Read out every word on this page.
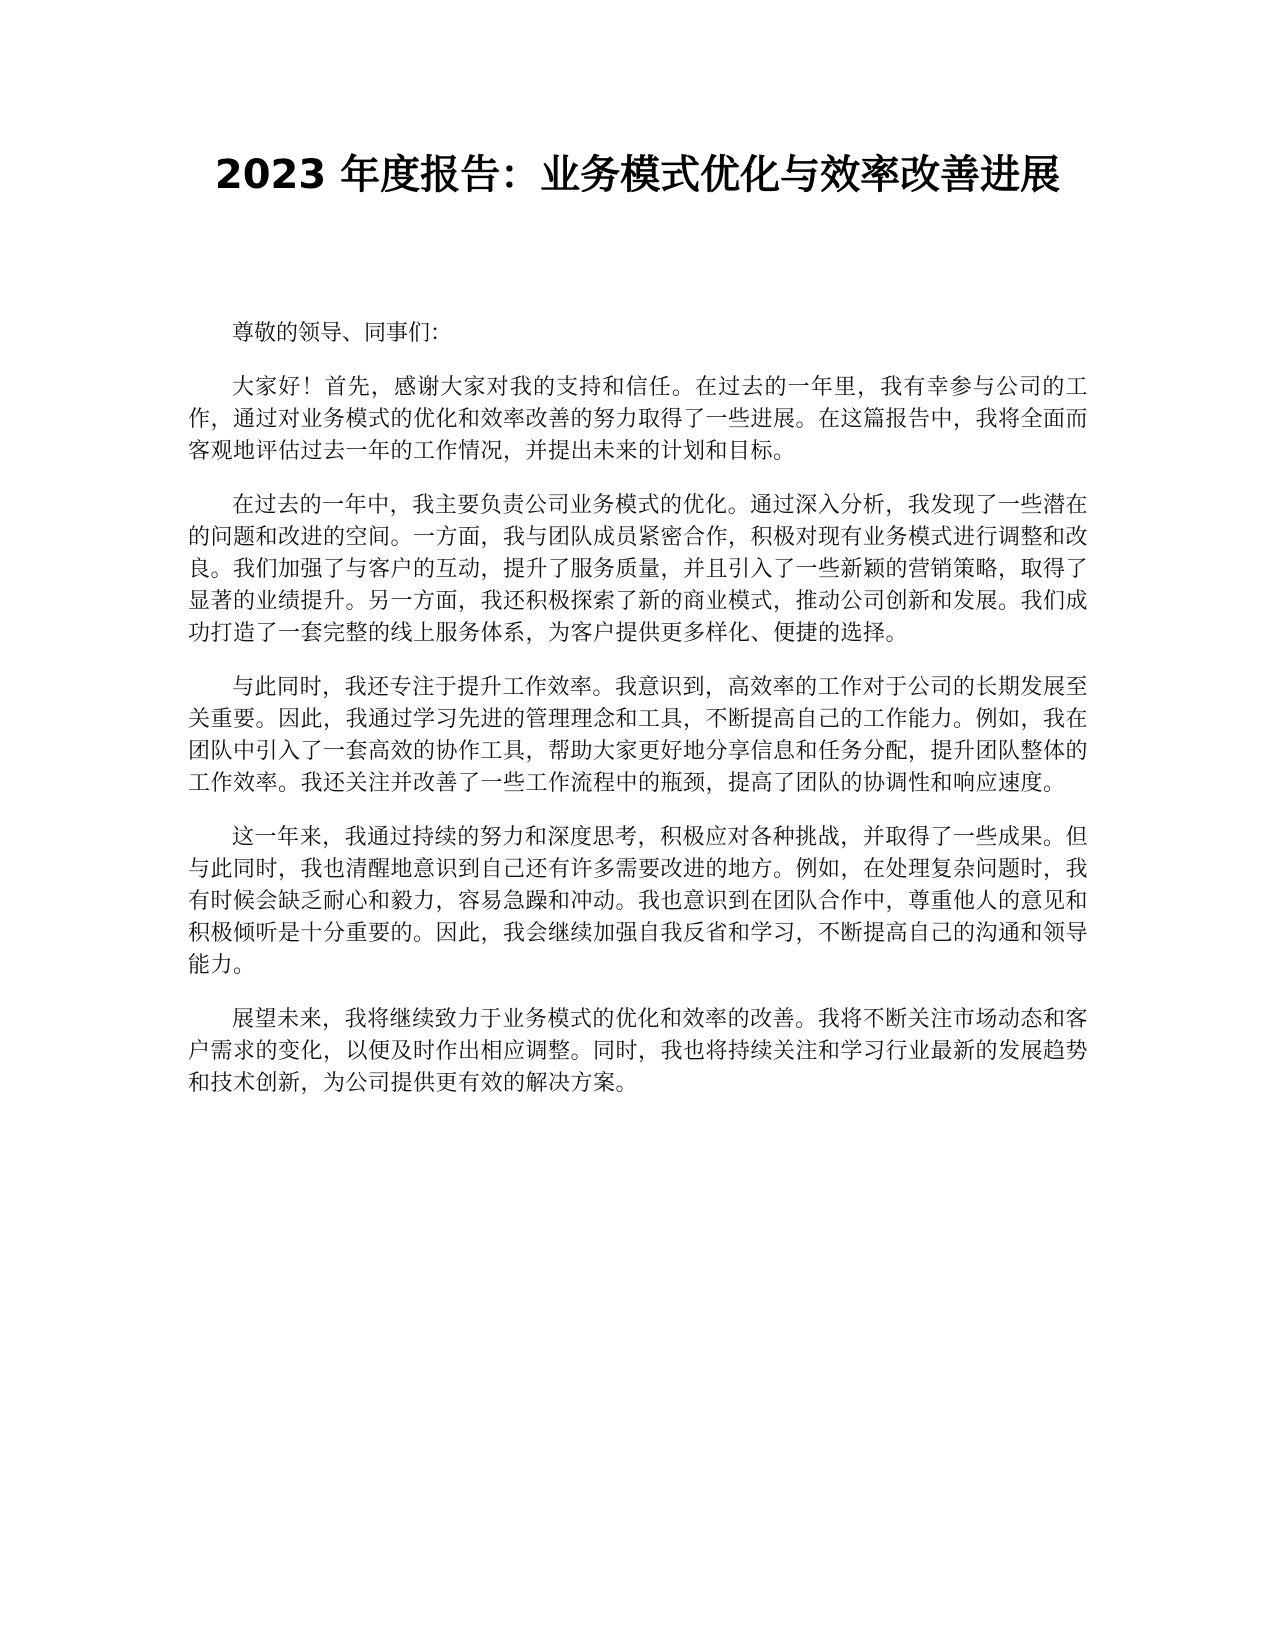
2023 年度报告：业务模式优化与效率改善进展

尊敬的领导、同事们：

大家好！首先，感谢大家对我的支持和信任。在过去的一年里，我有幸参与公司的工作，通过对业务模式的优化和效率改善的努力取得了一些进展。在这篇报告中，我将全面而客观地评估过去一年的工作情况，并提出未来的计划和目标。

在过去的一年中，我主要负责公司业务模式的优化。通过深入分析，我发现了一些潜在的问题和改进的空间。一方面，我与团队成员紧密合作，积极对现有业务模式进行调整和改良。我们加强了与客户的互动，提升了服务质量，并且引入了一些新颖的营销策略，取得了显著的业绩提升。另一方面，我还积极探索了新的商业模式，推动公司创新和发展。我们成功打造了一套完整的线上服务体系，为客户提供更多样化、便捷的选择。

与此同时，我还专注于提升工作效率。我意识到，高效率的工作对于公司的长期发展至关重要。因此，我通过学习先进的管理理念和工具，不断提高自己的工作能力。例如，我在团队中引入了一套高效的协作工具，帮助大家更好地分享信息和任务分配，提升团队整体的工作效率。我还关注并改善了一些工作流程中的瓶颈，提高了团队的协调性和响应速度。

这一年来，我通过持续的努力和深度思考，积极应对各种挑战，并取得了一些成果。但与此同时，我也清醒地意识到自己还有许多需要改进的地方。例如，在处理复杂问题时，我有时候会缺乏耐心和毅力，容易急躁和冲动。我也意识到在团队合作中，尊重他人的意见和积极倾听是十分重要的。因此，我会继续加强自我反省和学习，不断提高自己的沟通和领导能力。

展望未来，我将继续致力于业务模式的优化和效率的改善。我将不断关注市场动态和客户需求的变化，以便及时作出相应调整。同时，我也将持续关注和学习行业最新的发展趋势和技术创新，为公司提供更有效的解决方案。
